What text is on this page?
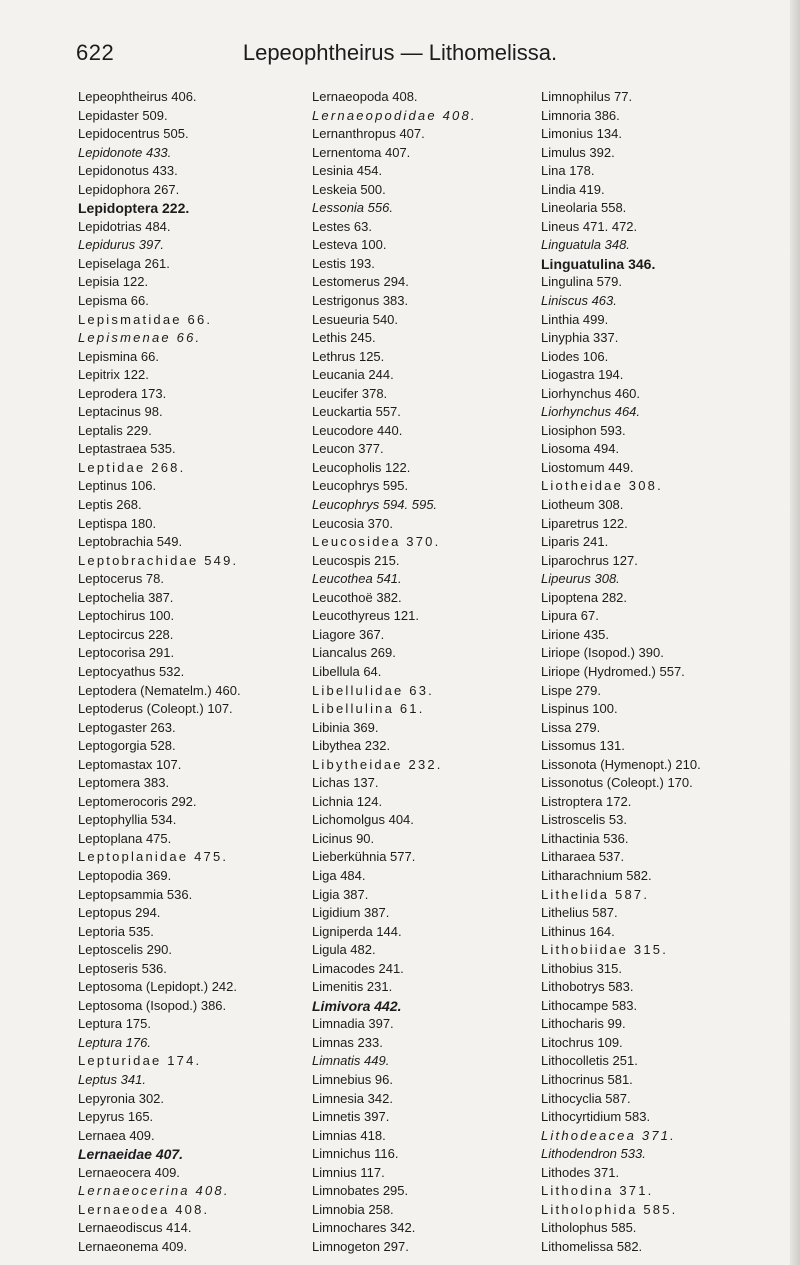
622	Lepeophtheirus — Lithomelissa.
Lepeophtheirus 406.
Lepidaster 509.
Lepidocentrus 505.
Lepidonote 433.
Lepidonotus 433.
Lepidophora 267.
Lepidoptera 222.
Lepidotrias 484.
Lepidurus 397.
Lepiselaga 261.
Lepisia 122.
Lepisma 66.
Lepismatidae 66.
Lepismenae 66.
Lepismina 66.
Lepitrix 122.
Leprodera 173.
Leptacinus 98.
Leptalis 229.
Leptastraea 535.
Leptidae 268.
Leptinus 106.
Leptis 268.
Leptispa 180.
Leptobrachia 549.
Leptobrachidae 549.
Leptocerus 78.
Leptochelia 387.
Leptochirus 100.
Leptocircus 228.
Leptocorisa 291.
Leptocyathus 532.
Leptodera (Nematelm.) 460.
Leptoderus (Coleopt.) 107.
Leptogaster 263.
Leptogorgia 528.
Leptomastax 107.
Leptomera 383.
Leptomerocoris 292.
Leptophyllia 534.
Leptoplana 475.
Leptoplanidae 475.
Leptopodia 369.
Leptopsammia 536.
Leptopus 294.
Leptoria 535.
Leptoscelis 290.
Leptoseris 536.
Leptosoma (Lepidopt.) 242.
Leptosoma (Isopod.) 386.
Leptura 175.
Leptura 176.
Lepturidae 174.
Leptus 341.
Lepyronia 302.
Lepyrus 165.
Lernaea 409.
Lernaeidae 407.
Lernaeocera 409.
Lernaeocerina 408.
Lernaeodea 408.
Lernaeodiscus 414.
Lernaeonema 409.
Lernaeopoda 408.
Lernaeopodidae 408.
Lernanthropus 407.
Lernentoma 407.
Lesinia 454.
Leskeia 500.
Lessonia 556.
Lestes 63.
Lesteva 100.
Lestis 193.
Lestomerus 294.
Lestrigonus 383.
Lesueuria 540.
Lethis 245.
Lethrus 125.
Leucania 244.
Leucifer 378.
Leuckartia 557.
Leucodore 440.
Leucon 377.
Leucopholis 122.
Leucophrys 595.
Leucophrys 594. 595.
Leucosia 370.
Leucosidea 370.
Leucospis 215.
Leucothea 541.
Leucothoë 382.
Leucothyreus 121.
Liagore 367.
Liancalus 269.
Libellula 64.
Libellulidae 63.
Libellulina 61.
Libinia 369.
Libythea 232.
Libytheidae 232.
Lichas 137.
Lichnia 124.
Lichomolgus 404.
Licinus 90.
Lieberkühnia 577.
Liga 484.
Ligia 387.
Ligidium 387.
Ligniperda 144.
Ligula 482.
Limacodes 241.
Limenitis 231.
Limivora 442.
Limnadia 397.
Limnas 233.
Limnatis 449.
Limnebius 96.
Limnesia 342.
Limnetis 397.
Limnias 418.
Limnichus 116.
Limnius 117.
Limnobates 295.
Limnobia 258.
Limnochares 342.
Limnogeton 297.
Limnophilus 77.
Limnoria 386.
Limonius 134.
Limulus 392.
Lina 178.
Lindia 419.
Lineolaria 558.
Lineus 471. 472.
Linguatula 348.
Linguatulina 346.
Lingulina 579.
Liniscus 463.
Linthia 499.
Linyphia 337.
Liodes 106.
Liogastra 194.
Liorhynchus 460.
Liorhynchus 464.
Liosiphon 593.
Liosoma 494.
Liostomum 449.
Liotheidae 308.
Liotheum 308.
Liparetrus 122.
Liparis 241.
Liparochrus 127.
Lipeurus 308.
Lipoptena 282.
Lipura 67.
Lirione 435.
Liriope (Isopod.) 390.
Liriope (Hydromed.) 557.
Lispe 279.
Lispinus 100.
Lissa 279.
Lissomus 131.
Lissonota (Hymenopt.) 210.
Lissonotus (Coleopt.) 170.
Listroptera 172.
Listroscelis 53.
Lithactinia 536.
Litharaea 537.
Litharachnium 582.
Lithelida 587.
Lithelius 587.
Lithinus 164.
Lithobiidae 315.
Lithobius 315.
Lithobotrys 583.
Lithocampe 583.
Lithocharis 99.
Litochrus 109.
Lithocolletis 251.
Lithocrinus 581.
Lithocyclia 587.
Lithocyrtidium 583.
Lithodeacea 371.
Lithodendron 533.
Lithodes 371.
Lithodina 371.
Litholophida 585.
Litholophus 585.
Lithomelissa 582.
